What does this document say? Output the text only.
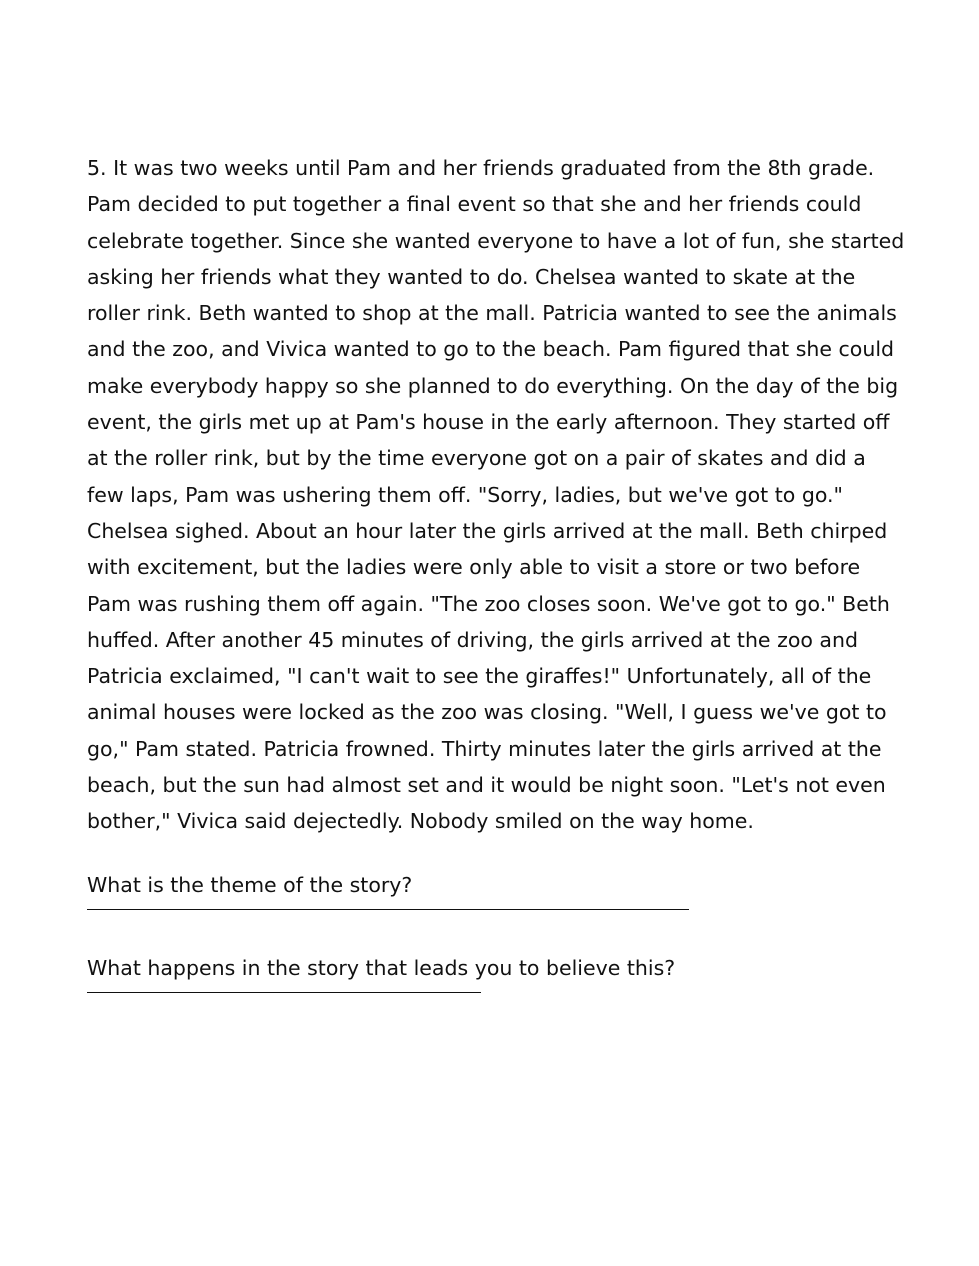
5. It was two weeks until Pam and her friends graduated from the 8th grade. Pam decided to put together a final event so that she and her friends could celebrate together. Since she wanted everyone to have a lot of fun, she started asking her friends what they wanted to do. Chelsea wanted to skate at the roller rink. Beth wanted to shop at the mall. Patricia wanted to see the animals and the zoo, and Vivica wanted to go to the beach. Pam figured that she could make everybody happy so she planned to do everything. On the day of the big event, the girls met up at Pam's house in the early afternoon. They started off at the roller rink, but by the time everyone got on a pair of skates and did a few laps, Pam was ushering them off. "Sorry, ladies, but we've got to go." Chelsea sighed. About an hour later the girls arrived at the mall. Beth chirped with excitement, but the ladies were only able to visit a store or two before Pam was rushing them off again. "The zoo closes soon. We've got to go." Beth huffed. After another 45 minutes of driving, the girls arrived at the zoo and Patricia exclaimed, "I can't wait to see the giraffes!" Unfortunately, all of the animal houses were locked as the zoo was closing. "Well, I guess we've got to go," Pam stated. Patricia frowned. Thirty minutes later the girls arrived at the beach, but the sun had almost set and it would be night soon. "Let's not even bother," Vivica said dejectedly. Nobody smiled on the way home.

What is the theme of the story?

What happens in the story that leads you to believe this?
